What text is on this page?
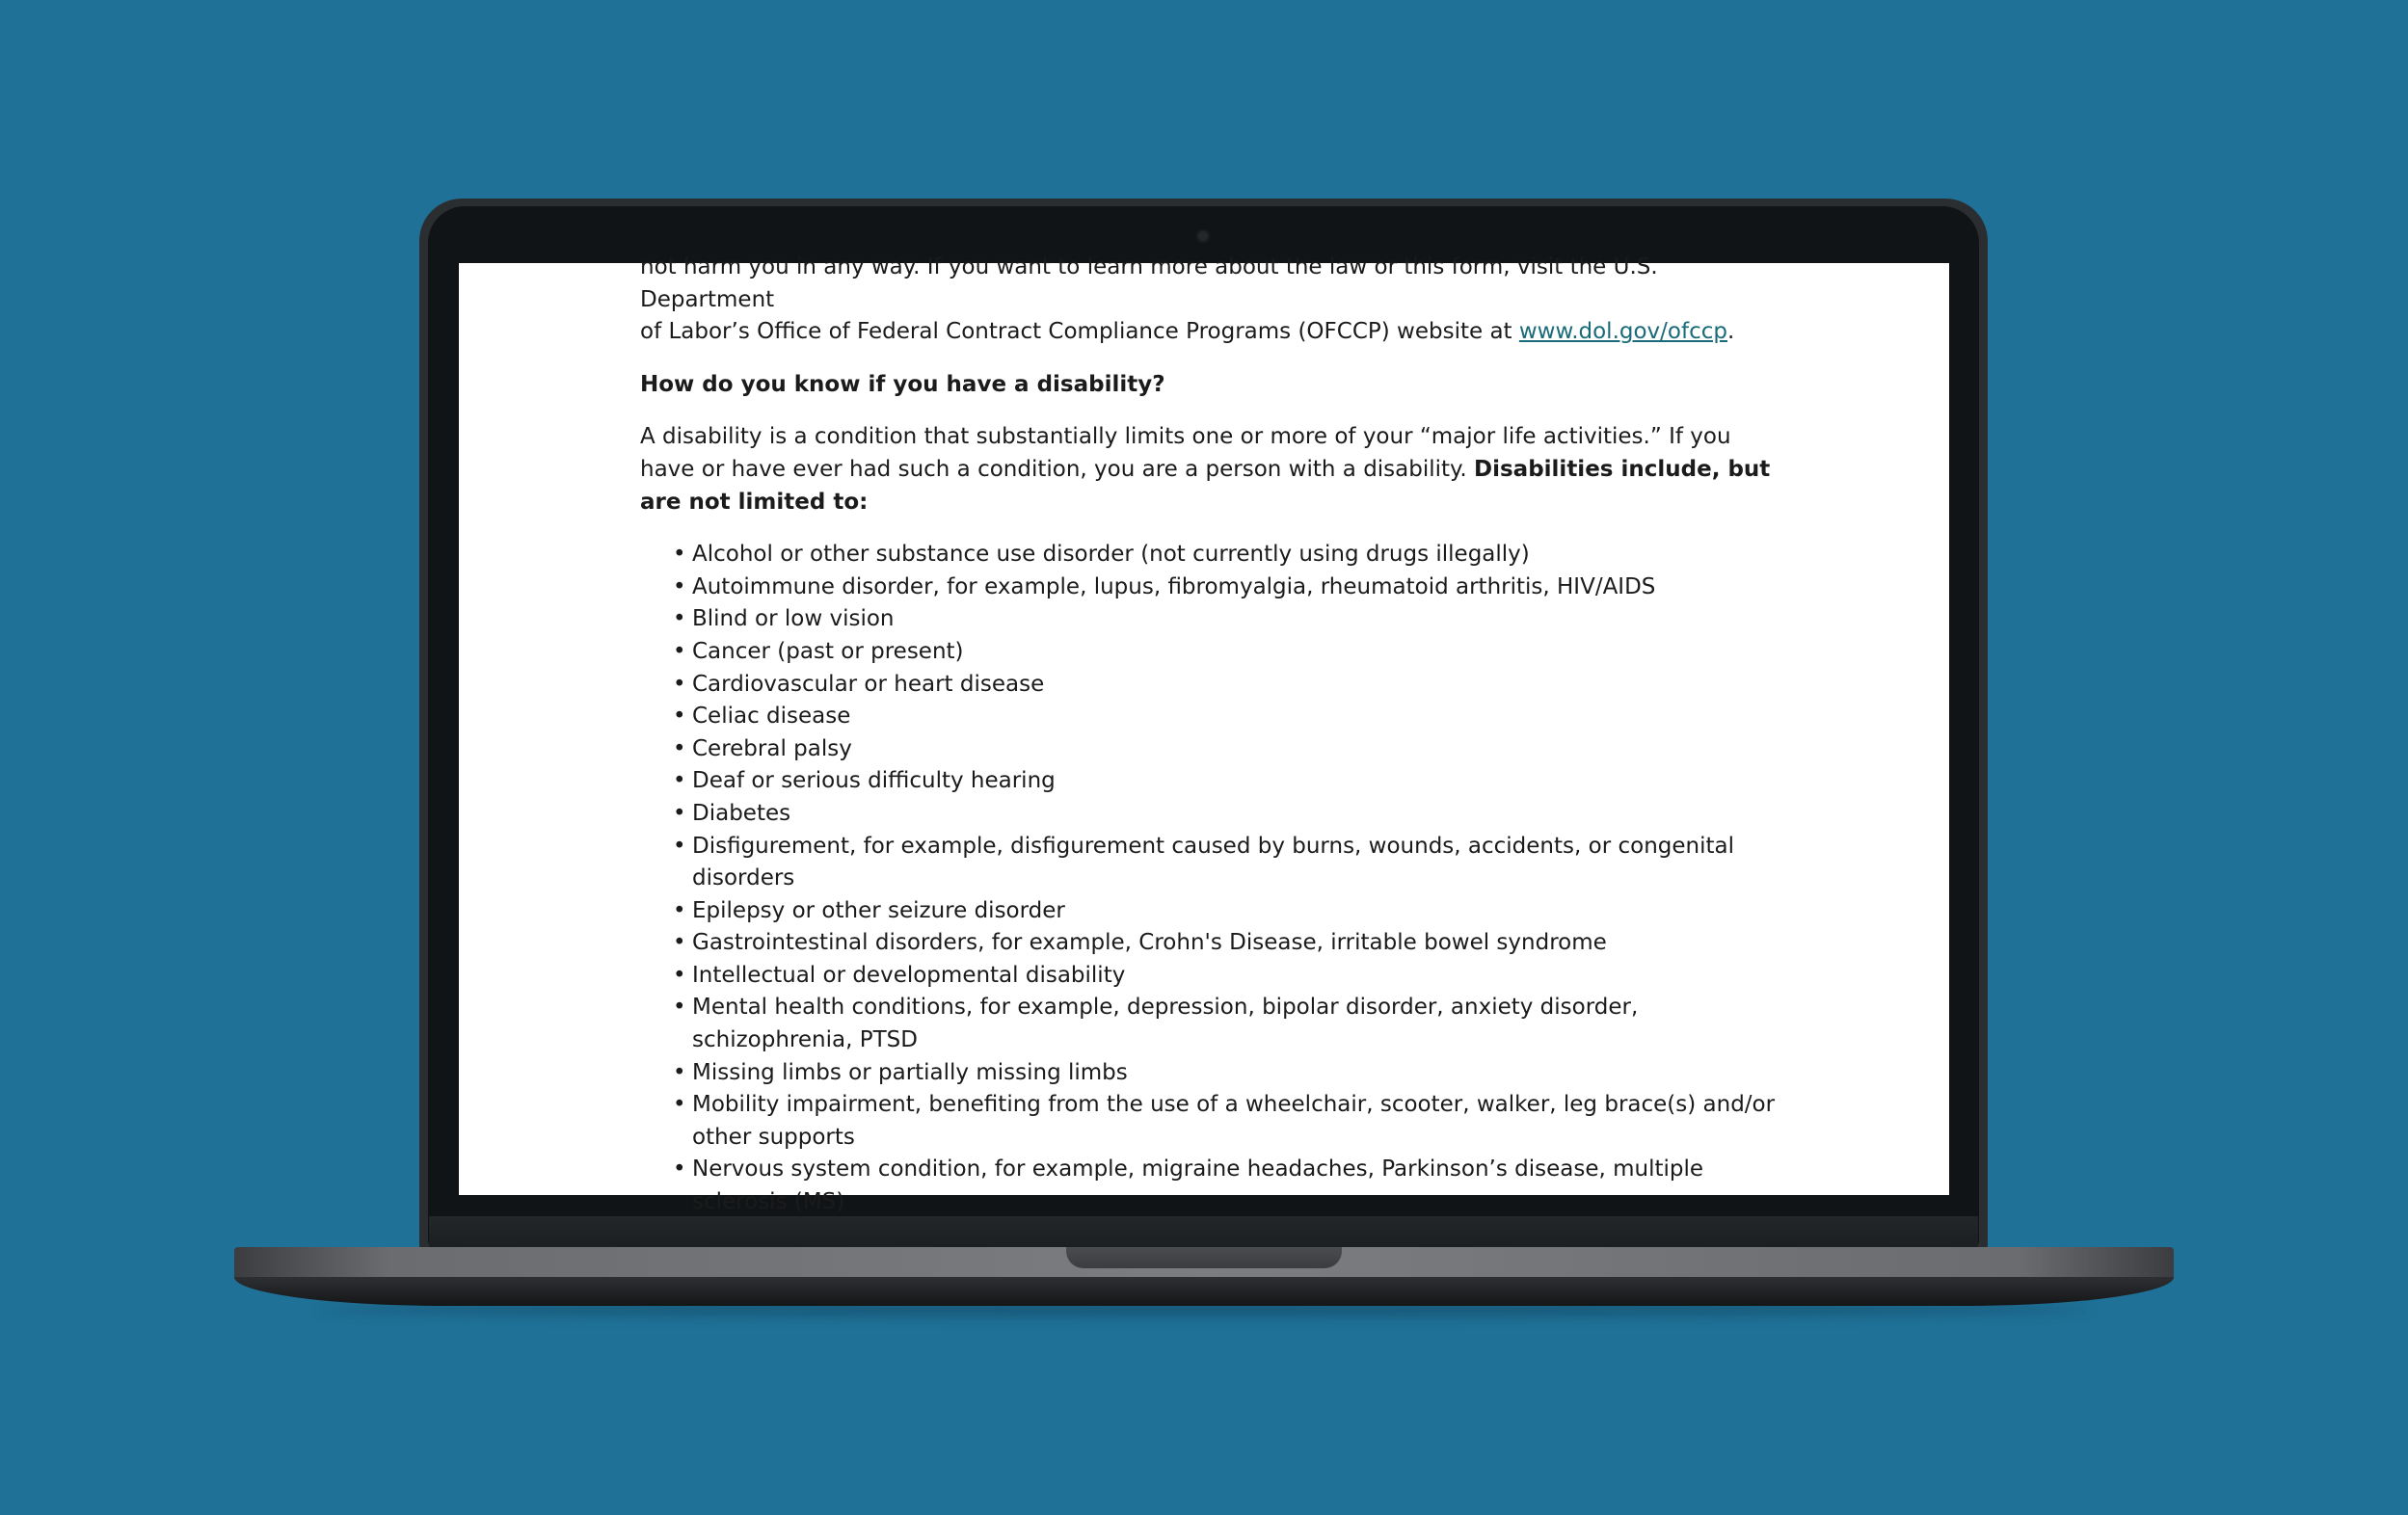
not harm you in any way. If you want to learn more about the law or this form, visit the U.S. Department
of Labor’s Office of Federal Contract Compliance Programs (OFCCP) website at www.dol.gov/ofccp.

How do you know if you have a disability?

A disability is a condition that substantially limits one or more of your “major life activities.” If you have or have ever had such a condition, you are a person with a disability. Disabilities include, but are not limited to:

• Alcohol or other substance use disorder (not currently using drugs illegally)
• Autoimmune disorder, for example, lupus, fibromyalgia, rheumatoid arthritis, HIV/AIDS
• Blind or low vision
• Cancer (past or present)
• Cardiovascular or heart disease
• Celiac disease
• Cerebral palsy
• Deaf or serious difficulty hearing
• Diabetes
• Disfigurement, for example, disfigurement caused by burns, wounds, accidents, or congenital disorders
• Epilepsy or other seizure disorder
• Gastrointestinal disorders, for example, Crohn's Disease, irritable bowel syndrome
• Intellectual or developmental disability
• Mental health conditions, for example, depression, bipolar disorder, anxiety disorder, schizophrenia, PTSD
• Missing limbs or partially missing limbs
• Mobility impairment, benefiting from the use of a wheelchair, scooter, walker, leg brace(s) and/or other supports
• Nervous system condition, for example, migraine headaches, Parkinson’s disease, multiple sclerosis (MS)
